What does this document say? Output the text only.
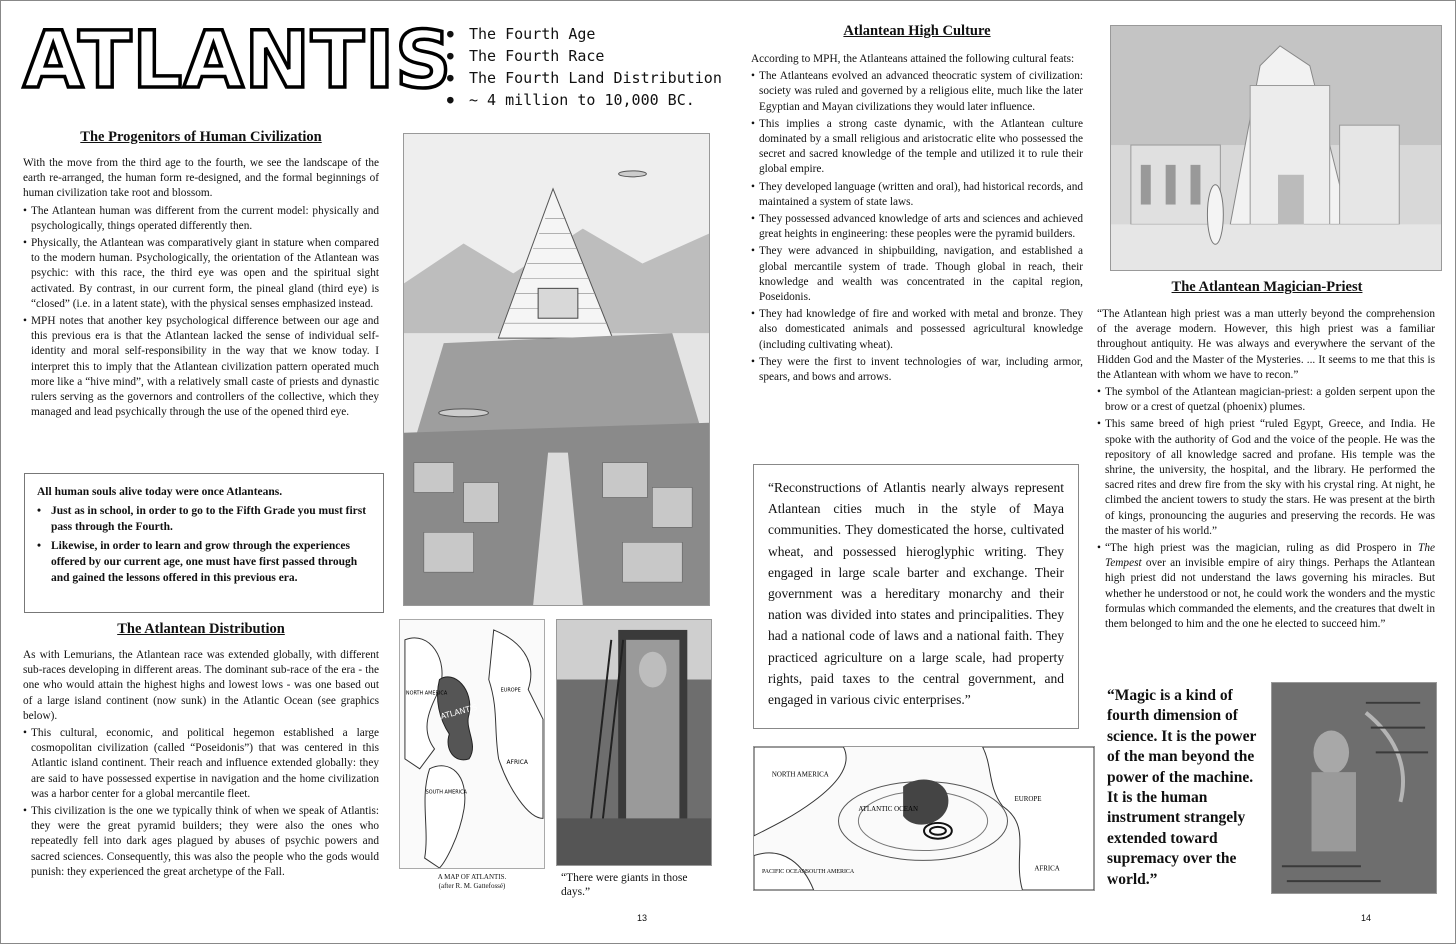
ATLANTIS
●	The Fourth Age
● The Fourth Race
● The Fourth Land Distribution
● ~ 4 million to 10,000 BC.
The Progenitors of Human Civilization

With the move from the third age to the fourth, we see the landscape of the earth re-arranged, the human form re-designed, and the formal beginnings of human civilization take root and blossom.

• The Atlantean human was different from the current model: physically and psychologically, things operated differently then.
• Physically, the Atlantean was comparatively giant in stature when compared to the modern human. Psychologically, the orientation of the Atlantean was psychic: with this race, the third eye was open and the spiritual sight activated. By contrast, in our current form, the pineal gland (third eye) is “closed” (i.e. in a latent state), with the physical senses emphasized instead.
• MPH notes that another key psychological difference between our age and this previous era is that the Atlantean lacked the sense of individual self-identity and moral self-responsibility in the way that we know today. I interpret this to imply that the Atlantean civilization pattern operated much more like a “hive mind”, with a relatively small caste of priests and dynastic rulers serving as the governors and controllers of the collective, which they managed and lead psychically through the use of the opened third eye.
All human souls alive today were once Atlanteans.
• Just as in school, in order to go to the Fifth Grade you must first pass through the Fourth.
• Likewise, in order to learn and grow through the experiences offered by our current age, one must have first passed through and gained the lessons offered in this previous era.
The Atlantean Distribution

As with Lemurians, the Atlantean race was extended globally, with different sub-races developing in different areas. The dominant sub-race of the era - the one who would attain the highest highs and lowest lows - was one based out of a large island continent (now sunk) in the Atlantic Ocean (see graphics below).

• This cultural, economic, and political hegemon established a large cosmopolitan civilization (called “Poseidonis”) that was centered in this Atlantic island continent. Their reach and influence extended globally: they are said to have possessed expertise in navigation and the home civilization was a harbor center for a global mercantile fleet.
• This civilization is the one we typically think of when we speak of Atlantis: they were the great pyramid builders; they were also the ones who repeatedly fell into dark ages plagued by abuses of psychic powers and sacred sciences. Consequently, this was also the people who the gods would punish: they experienced the great archetype of the Fall.
ATLANTIS
AFRICA
NORTH AMERICA	EUROPE
SOUTH AMERICA
A MAP OF ATLANTIS.
(after R. M. Gattefossé)
“There were giants in those days.”
13
Atlantean High Culture

According to MPH, the Atlanteans attained the following cultural feats:

• The Atlanteans evolved an advanced theocratic system of civilization: society was ruled and governed by a religious elite, much like the later Egyptian and Mayan civilizations they would later influence.
• This implies a strong caste dynamic, with the Atlantean culture dominated by a small religious and aristocratic elite who possessed the secret and sacred knowledge of the temple and utilized it to rule their global empire.
• They developed language (written and oral), had historical records, and maintained a system of state laws.
• They possessed advanced knowledge of arts and sciences and achieved great heights in engineering: these peoples were the pyramid builders.
• They were advanced in shipbuilding, navigation, and established a global mercantile system of trade. Though global in reach, their knowledge and wealth was concentrated in the capital region, Poseidonis.
• They had knowledge of fire and worked with metal and bronze. They also domesticated animals and possessed agricultural knowledge (including cultivating wheat).
• They were the first to invent technologies of war, including armor, spears, and bows and arrows.
“Reconstructions of Atlantis nearly always represent Atlantean cities much in the style of Maya communities. They domesticated the horse, cultivated wheat, and possessed hieroglyphic writing. They engaged in large scale barter and exchange. Their government was a hereditary monarchy and their nation was divided into states and principalities. They had a national code of laws and a national faith. They practiced agriculture on a large scale, had property rights, paid taxes to the central government, and engaged in various civic enterprises.”
NORTH AMERICA
ATLANTIC OCEAN
EUROPE
AFRICA
SOUTH AMERICA
PACIFIC OCEAN
The Atlantean Magician-Priest

“The Atlantean high priest was a man utterly beyond the comprehension of the average modern. However, this high priest was a familiar throughout antiquity. He was always and everywhere the servant of the Hidden God and the Master of the Mysteries. ... It seems to me that this is the Atlantean with whom we have to recon.”

• The symbol of the Atlantean magician-priest: a golden serpent upon the brow or a crest of quetzal (phoenix) plumes.
• This same breed of high priest “ruled Egypt, Greece, and India. He spoke with the authority of God and the voice of the people. He was the repository of all knowledge sacred and profane. His temple was the shrine, the university, the hospital, and the library. He performed the sacred rites and drew fire from the sky with his crystal ring. At night, he climbed the ancient towers to study the stars. He was present at the birth of kings, pronouncing the auguries and preserving the records. He was the master of his world.”
• “The high priest was the magician, ruling as did Prospero in The Tempest over an invisible empire of airy things. Perhaps the Atlantean high priest did not understand the laws governing his miracles. But whether he understood or not, he could work the wonders and the mystic formulas which commanded the elements, and the creatures that dwelt in them belonged to him and the one he elected to succeed him.”
“Magic is a kind of fourth dimension of science. It is the power of the man beyond the power of the machine. It is the human instrument strangely extended toward supremacy over the world.”
14
